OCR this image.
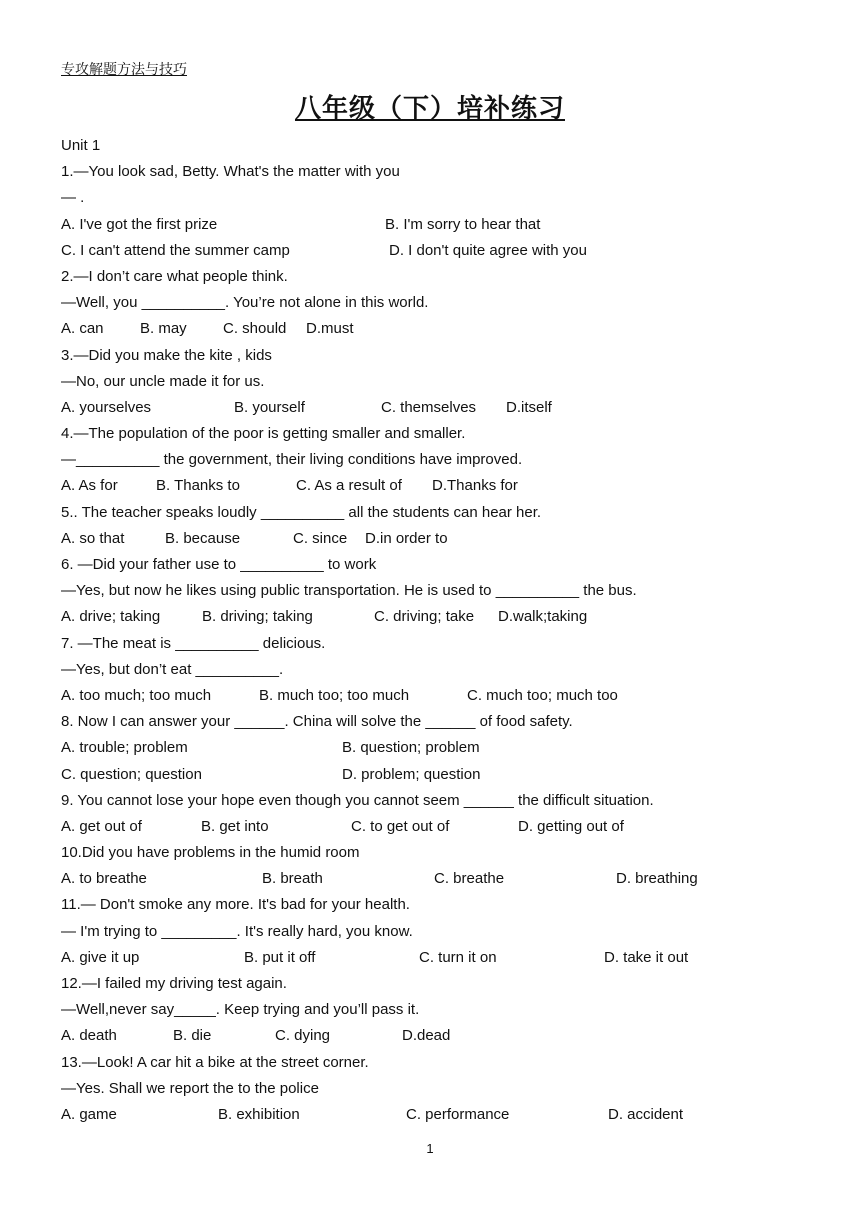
专攻解题方法与技巧
八年级（下）培补练习
Unit 1
1.—You look sad, Betty. What's the matter with you
— .
A. I've got the first prize	B. I'm sorry to hear that
C. I can't attend the summer camp	D. I don't quite agree with you
2.—I don’t care what people think.
—Well, you __________. You’re not alone in this world.
A. can B. may C. should D.must
3.—Did you make the kite , kids
—No, our uncle made it for us.
A. yourselves	B. yourself	C. themselves D.itself
4.—The population of the poor is getting smaller and smaller.
—__________ the government, their living conditions have improved.
A. As for	B. Thanks to	C. As a result of D.Thanks for
5.. The teacher speaks loudly __________ all the students can hear her.
A. so that	B. because	C. since D.in order to
6. —Did your father use to __________ to work
—Yes, but now he likes using public transportation. He is used to __________ the bus.
A. drive; taking	B. driving; taking	C. driving; take D.walk;taking
7. —The meat is __________ delicious.
—Yes, but don’t eat __________.
A. too much; too much	B. much too; too much	C. much too; much too
8. Now I can answer your ______. China will solve the ______ of food safety.
A. trouble; problem	B. question; problem
C. question; question	D. problem; question
9. You cannot lose your hope even though you cannot seem ______ the difficult situation.
A. get out of	B. get into	C. to get out of	D. getting out of
10.Did you have problems in the humid room
A. to breathe	B. breath	C. breathe	D. breathing
11.— Don't smoke any more. It's bad for your health.
— I'm trying to _________. It's really hard, you know.
A. give it up	B. put it off	C. turn it on	D. take it out
12.—I failed my driving test again.
—Well,never say_____. Keep trying and you’ll pass it.
A. death	B. die	C. dying	D.dead
13.—Look! A car hit a bike at the street corner.
—Yes. Shall we report the to the police
A. game	B. exhibition	C. performance	D. accident
1
